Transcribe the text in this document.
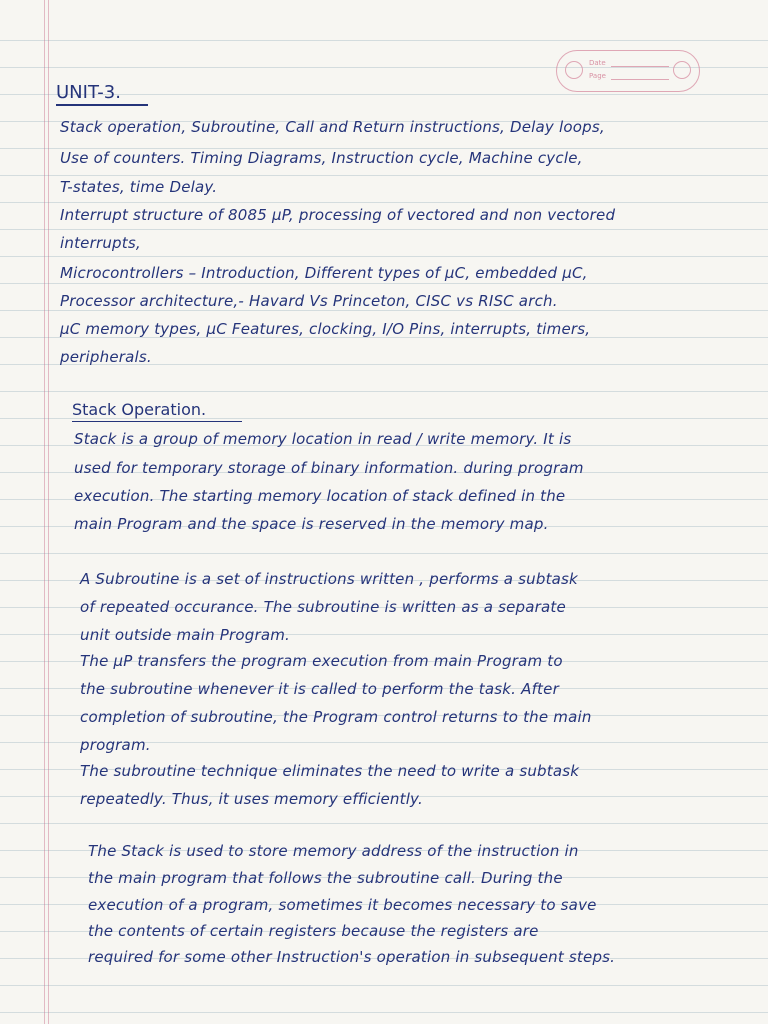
Date
Page
UNIT-3.
Stack operation, Subroutine, Call and Return instructions, Delay loops,
Use of counters. Timing Diagrams, Instruction cycle, Machine cycle,
T-states, time Delay.
Interrupt structure of 8085 μP, processing of vectored and non vectored
interrupts,
Microcontrollers – Introduction, Different types of μC, embedded μC,
Processor architecture,- Havard Vs Princeton, CISC vs RISC arch.
μC memory types, μC Features, clocking, I/O Pins, interrupts, timers,
peripherals.
Stack Operation.
Stack is a group of memory location in read / write memory. It is
used for temporary storage of binary information. during program
execution. The starting memory location of stack defined in the
main Program and the space is reserved in the memory map.
A Subroutine is a set of instructions written , performs a subtask
of repeated occurance. The subroutine is written as a separate
unit outside main Program.
The μP transfers the program execution from main Program to
the subroutine whenever it is called to perform the task. After
completion of subroutine, the Program control returns to the main
program.
The subroutine technique eliminates the need to write a subtask
repeatedly. Thus, it uses memory efficiently.
The Stack is used to store memory address of the instruction in
the main program that follows the subroutine call. During the
execution of a program, sometimes it becomes necessary to save
the contents of certain registers because the registers are
required for some other Instruction's operation in subsequent steps.
